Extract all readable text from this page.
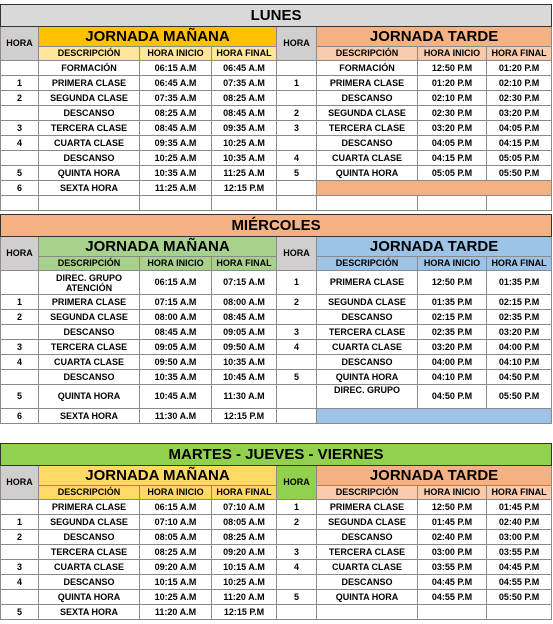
LUNES							
HORA	JORNADA MAÑANA			HORA	JORNADA TARDE		
	DESCRIPCIÓN	HORA INICIO	HORA FINAL		DESCRIPCIÓN	HORA INICIO	HORA FINAL
	FORMACIÓN	06:15 A.M	06:45 A.M		FORMACIÓN	12:50 P.M	01:20 P.M
1	PRIMERA CLASE	06:45 A.M	07:35 A.M	1	PRIMERA CLASE	01:20 P.M	02:10 P.M
2	SEGUNDA CLASE	07:35 A.M	08:25 A.M		DESCANSO	02:10 P.M	02:30 P.M
	DESCANSO	08:25 A.M	08:45 A.M	2	SEGUNDA CLASE	02:30 P.M	03:20 P.M
3	TERCERA CLASE	08:45 A.M	09:35 A.M	3	TERCERA CLASE	03:20 P.M	04:05 P.M
4	CUARTA CLASE	09:35 A.M	10:25 A.M		DESCANSO	04:05 P.M	04:15 P.M
	DESCANSO	10:25 A.M	10:35 A.M	4	CUARTA CLASE	04:15 P.M	05:05 P.M
5	QUINTA HORA	10:35 A.M	11:25 A.M	5	QUINTA HORA	05:05 P.M	05:50 P.M
6	SEXTA HORA	11:25 A.M	12:15 P.M				

MIÉRCOLES							
HORA	JORNADA MAÑANA			HORA	JORNADA TARDE		
	DESCRIPCIÓN	HORA INICIO	HORA FINAL		DESCRIPCIÓN	HORA INICIO	HORA FINAL
	DIREC. GRUPO ATENCIÓN	06:15 A.M	07:15 A.M	1	PRIMERA CLASE	12:50 P.M	01:35 P.M
1	PRIMERA CLASE	07:15 A.M	08:00 A.M	2	SEGUNDA CLASE	01:35 P.M	02:15 P.M
2	SEGUNDA CLASE	08:00 A.M	08:45 A.M		DESCANSO	02:15 P.M	02:35 P.M
	DESCANSO	08:45 A.M	09:05 A.M	3	TERCERA CLASE	02:35 P.M	03:20 P.M
3	TERCERA CLASE	09:05 A.M	09:50 A.M	4	CUARTA CLASE	03:20 P.M	04:00 P.M
4	CUARTA CLASE	09:50 A.M	10:35 A.M		DESCANSO	04:00 P.M	04:10 P.M
	DESCANSO	10:35 A.M	10:45 A.M	5	QUINTA HORA	04:10 P.M	04:50 P.M
5	QUINTA HORA	10:45 A.M	11:30 A.M		DIREC. GRUPO	04:50 P.M	05:50 P.M
6	SEXTA HORA	11:30 A.M	12:15 P.M				
MARTES - JUEVES - VIERNES							
HORA	JORNADA MAÑANA			HORA	JORNADA TARDE		
	DESCRIPCIÓN	HORA INICIO	HORA FINAL		DESCRIPCIÓN	HORA INICIO	HORA FINAL
	PRIMERA CLASE	06:15 A.M	07:10 A.M	1	PRIMERA CLASE	12:50 P.M	01:45 P.M
1	SEGUNDA CLASE	07:10 A.M	08:05 A.M	2	SEGUNDA CLASE	01:45 P.M	02:40 P.M
2	DESCANSO	08:05 A.M	08:25 A.M		DESCANSO	02:40 P.M	03:00 P.M
	TERCERA CLASE	08:25 A.M	09:20 A.M	3	TERCERA CLASE	03:00 P.M	03:55 P.M
3	CUARTA CLASE	09:20 A.M	10:15 A.M	4	CUARTA CLASE	03:55 P.M	04:45 P.M
4	DESCANSO	10:15 A.M	10:25 A.M		DESCANSO	04:45 P.M	04:55 P.M
	QUINTA HORA	10:25 A.M	11:20 A.M	5	QUINTA HORA	04:55 P.M	05:50 P.M
5	SEXTA HORA	11:20 A.M	12:15 P.M				
